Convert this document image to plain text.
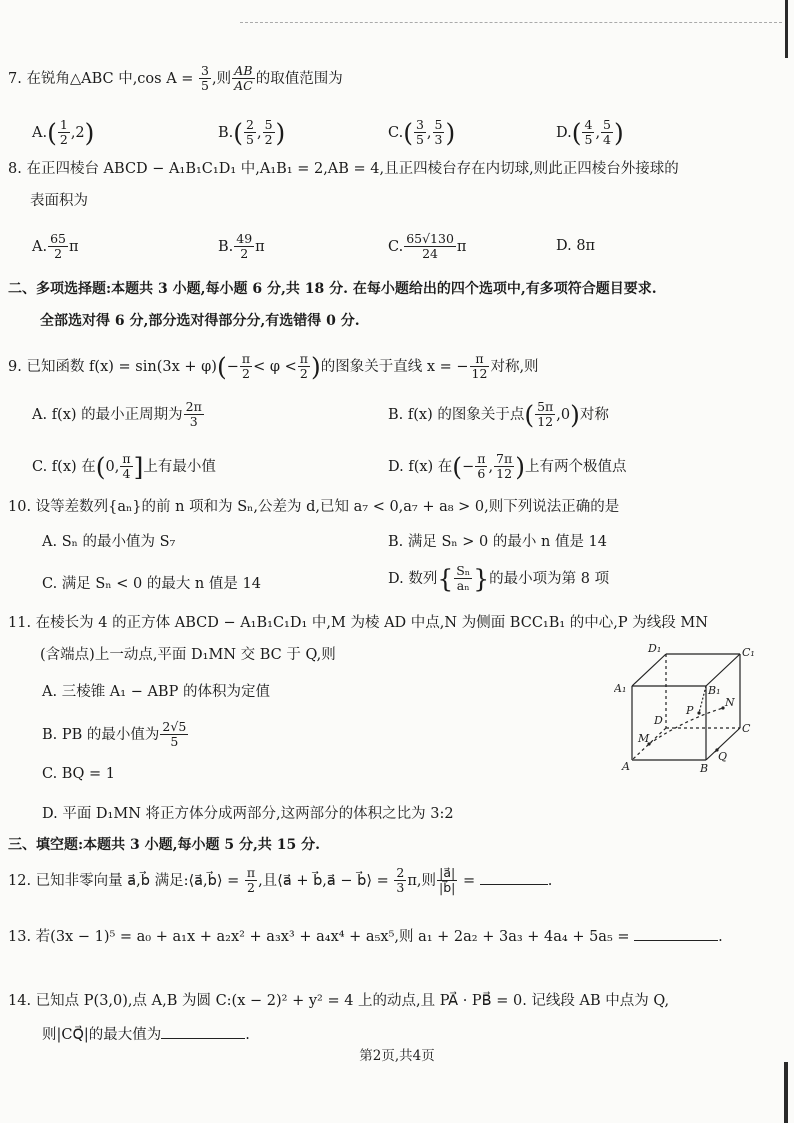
7. 在锐角△ABC 中,cos $A = \frac{3}{5}$ ,则 $\frac{AB}{AC}$ 的取值范围为
$A.( \frac{1}{2} ,2)$	$B.( \frac{2}{5}$ , $\frac{5}{2}$ )	$C.( \frac{3}{5}$ , $\frac{5}{3}$ )	$D.( \frac{4}{5}$ , $\frac{5}{4}$ )
8. 在正四棱台 ABCD − A₁B₁C₁D₁ 中,A₁B₁ = 2,AB = 4,且正四棱台存在内切球,则此正四棱台外接球的
表面积为
A. $\frac{65}{2}$ π	B. $\frac{49}{2}$ π	C. $\frac{65√130}{24}$ π	D. 8π
二、多项选择题:本题共 3 小题,每小题 6 分,共 18 分. 在每小题给出的四个选项中,有多项符合题目要求.
全部选对得 6 分,部分选对得部分分,有选错得 0 分.
9. 已知函数 $f(x) = \sin(3x + \varphi)(- \frac{\pi}{2} < \varphi < \frac{\pi}{2}$ )的图象关于直线 x = − $\frac{\pi}{12}$ 对称,则
A. f(x) 的最小正周期为 $\frac{2\pi}{3}$	B. f(x) 的图象关于点( $\frac{5\pi}{12} ,0$)对称
C. f(x) 在(0, $\frac{\pi}{4}$ ]上有最小值	D. f(x) 在(− $\frac{\pi}{6}$ , $\frac{7\pi}{12}$ )上有两个极值点
10. 设等差数列{aₙ}的前 n 项和为 Sₙ,公差为 d,已知 a₇ < 0,a₇ + a₈ > 0,则下列说法正确的是
A. Sₙ 的最小值为 S₇	B. 满足 Sₙ > 0 的最小 n 值是 14
C. 满足 Sₙ < 0 的最大 n 值是 14	D. 数列{ $\frac{\text{Sₙ}}{\text{aₙ}}$ }的最小项为第 8 项
11. 在棱长为 4 的正方体 ABCD − A₁B₁C₁D₁ 中,M 为棱 AD 中点,N 为侧面 BCC₁B₁ 的中心,P 为线段 MN
(含端点)上一动点,平面 D₁MN 交 BC 于 Q,则
A. 三棱锥 A₁ − ABP 的体积为定值
B. PB 的最小值为 $\frac{2√5}{5}$
C. BQ = 1
D. 平面 D₁MN 将正方体分成两部分,这两部分的体积之比为 3:2
D₁	C₁
A₁	B₁
D
P
N
C
M
Q
A	B
三、填空题:本题共 3 小题,每小题 5 分,共 15 分.
12. 已知非零向量 a⃗,b⃗ 满足:⟨a⃗,b⃗⟩ = $\frac{\pi}{2}$ ,且⟨a⃗ + b⃗,a⃗ − b⃗⟩ = $\frac{2}{3} \pi$,则 $\frac{|a⃗|}{|b⃗|}$ =	.
13. 若(3x − 1)⁵ = a₀ + a₁x + a₂x² + a₃x³ + a₄x⁴ + a₅x⁵,则 a₁ + 2a₂ + 3a₃ + 4a₄ + 5a₅ =	.
14. 已知点 P(3,0),点 A,B 为圆 C:(x − 2)² + y² = 4 上的动点,且 PA⃗ · PB⃗ = 0. 记线段 AB 中点为 Q,
则|CQ⃗|的最大值为	.
第2页,共4页
